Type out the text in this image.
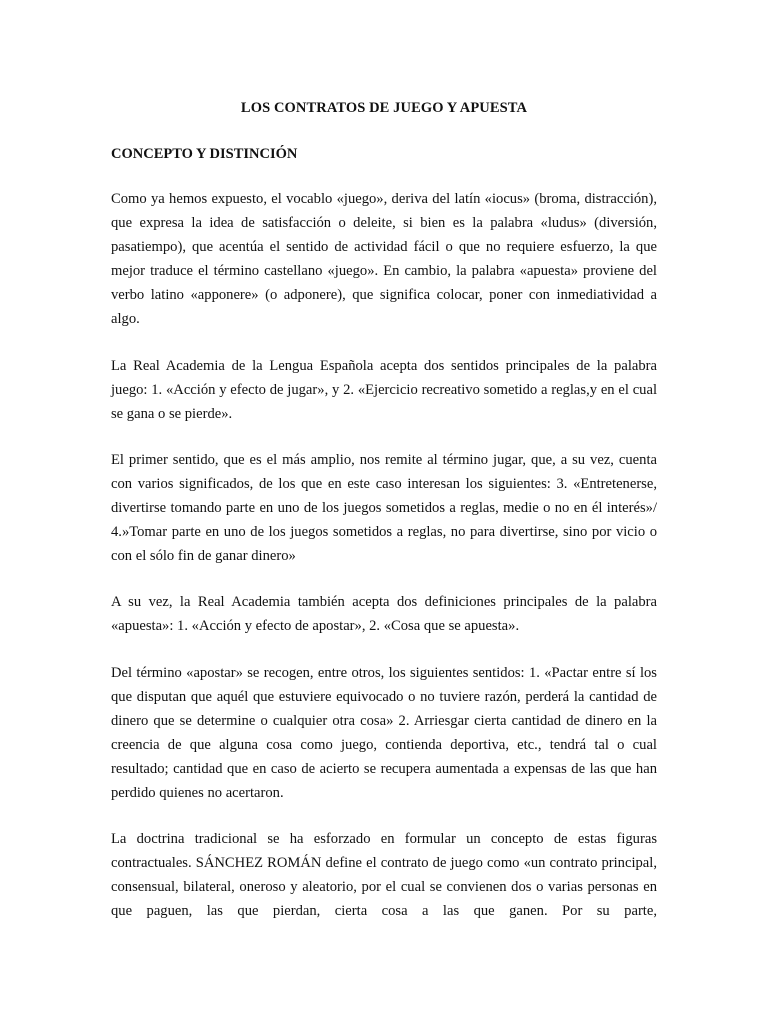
LOS CONTRATOS DE JUEGO Y APUESTA
CONCEPTO Y DISTINCIÓN

Como ya hemos expuesto, el vocablo «juego», deriva del latín «iocus» (broma, distracción), que expresa la idea de satisfacción o deleite, si bien es la palabra «ludus» (diversión, pasatiempo), que acentúa el sentido de actividad fácil o que no requiere esfuerzo, la que mejor traduce el término castellano «juego». En cambio, la palabra «apuesta» proviene del verbo latino «apponere» (o adponere), que significa colocar, poner con inmediatividad a algo.

La Real Academia de la Lengua Española acepta dos sentidos principales de la palabra juego: 1. «Acción y efecto de jugar», y 2. «Ejercicio recreativo sometido a reglas,y en el cual se gana o se pierde».

El primer sentido, que es el más amplio, nos remite al término jugar, que, a su vez, cuenta con varios significados, de los que en este caso interesan los siguientes: 3. «Entretenerse, divertirse tomando parte en uno de los juegos sometidos a reglas, medie o no en él interés»/ 4.»Tomar parte en uno de los juegos sometidos a reglas, no para divertirse, sino por vicio o con el sólo fin de ganar dinero»

A su vez, la Real Academia también acepta dos definiciones principales de la palabra «apuesta»: 1. «Acción y efecto de apostar», 2. «Cosa que se apuesta».

Del término «apostar» se recogen, entre otros, los siguientes sentidos: 1. «Pactar entre sí los que disputan que aquél que estuviere equivocado o no tuviere razón, perderá la cantidad de dinero que se determine o cualquier otra cosa» 2. Arriesgar cierta cantidad de dinero en la creencia de que alguna cosa como juego, contienda deportiva, etc., tendrá tal o cual resultado; cantidad que en caso de acierto se recupera aumentada a expensas de las que han perdido quienes no acertaron.

La doctrina tradicional se ha esforzado en formular un concepto de estas figuras contractuales. SÁNCHEZ ROMÁN define el contrato de juego como «un contrato principal, consensual, bilateral, oneroso y aleatorio, por el cual se convienen dos o varias personas en que paguen, las que pierdan, cierta cosa a las que ganen. Por su parte,
